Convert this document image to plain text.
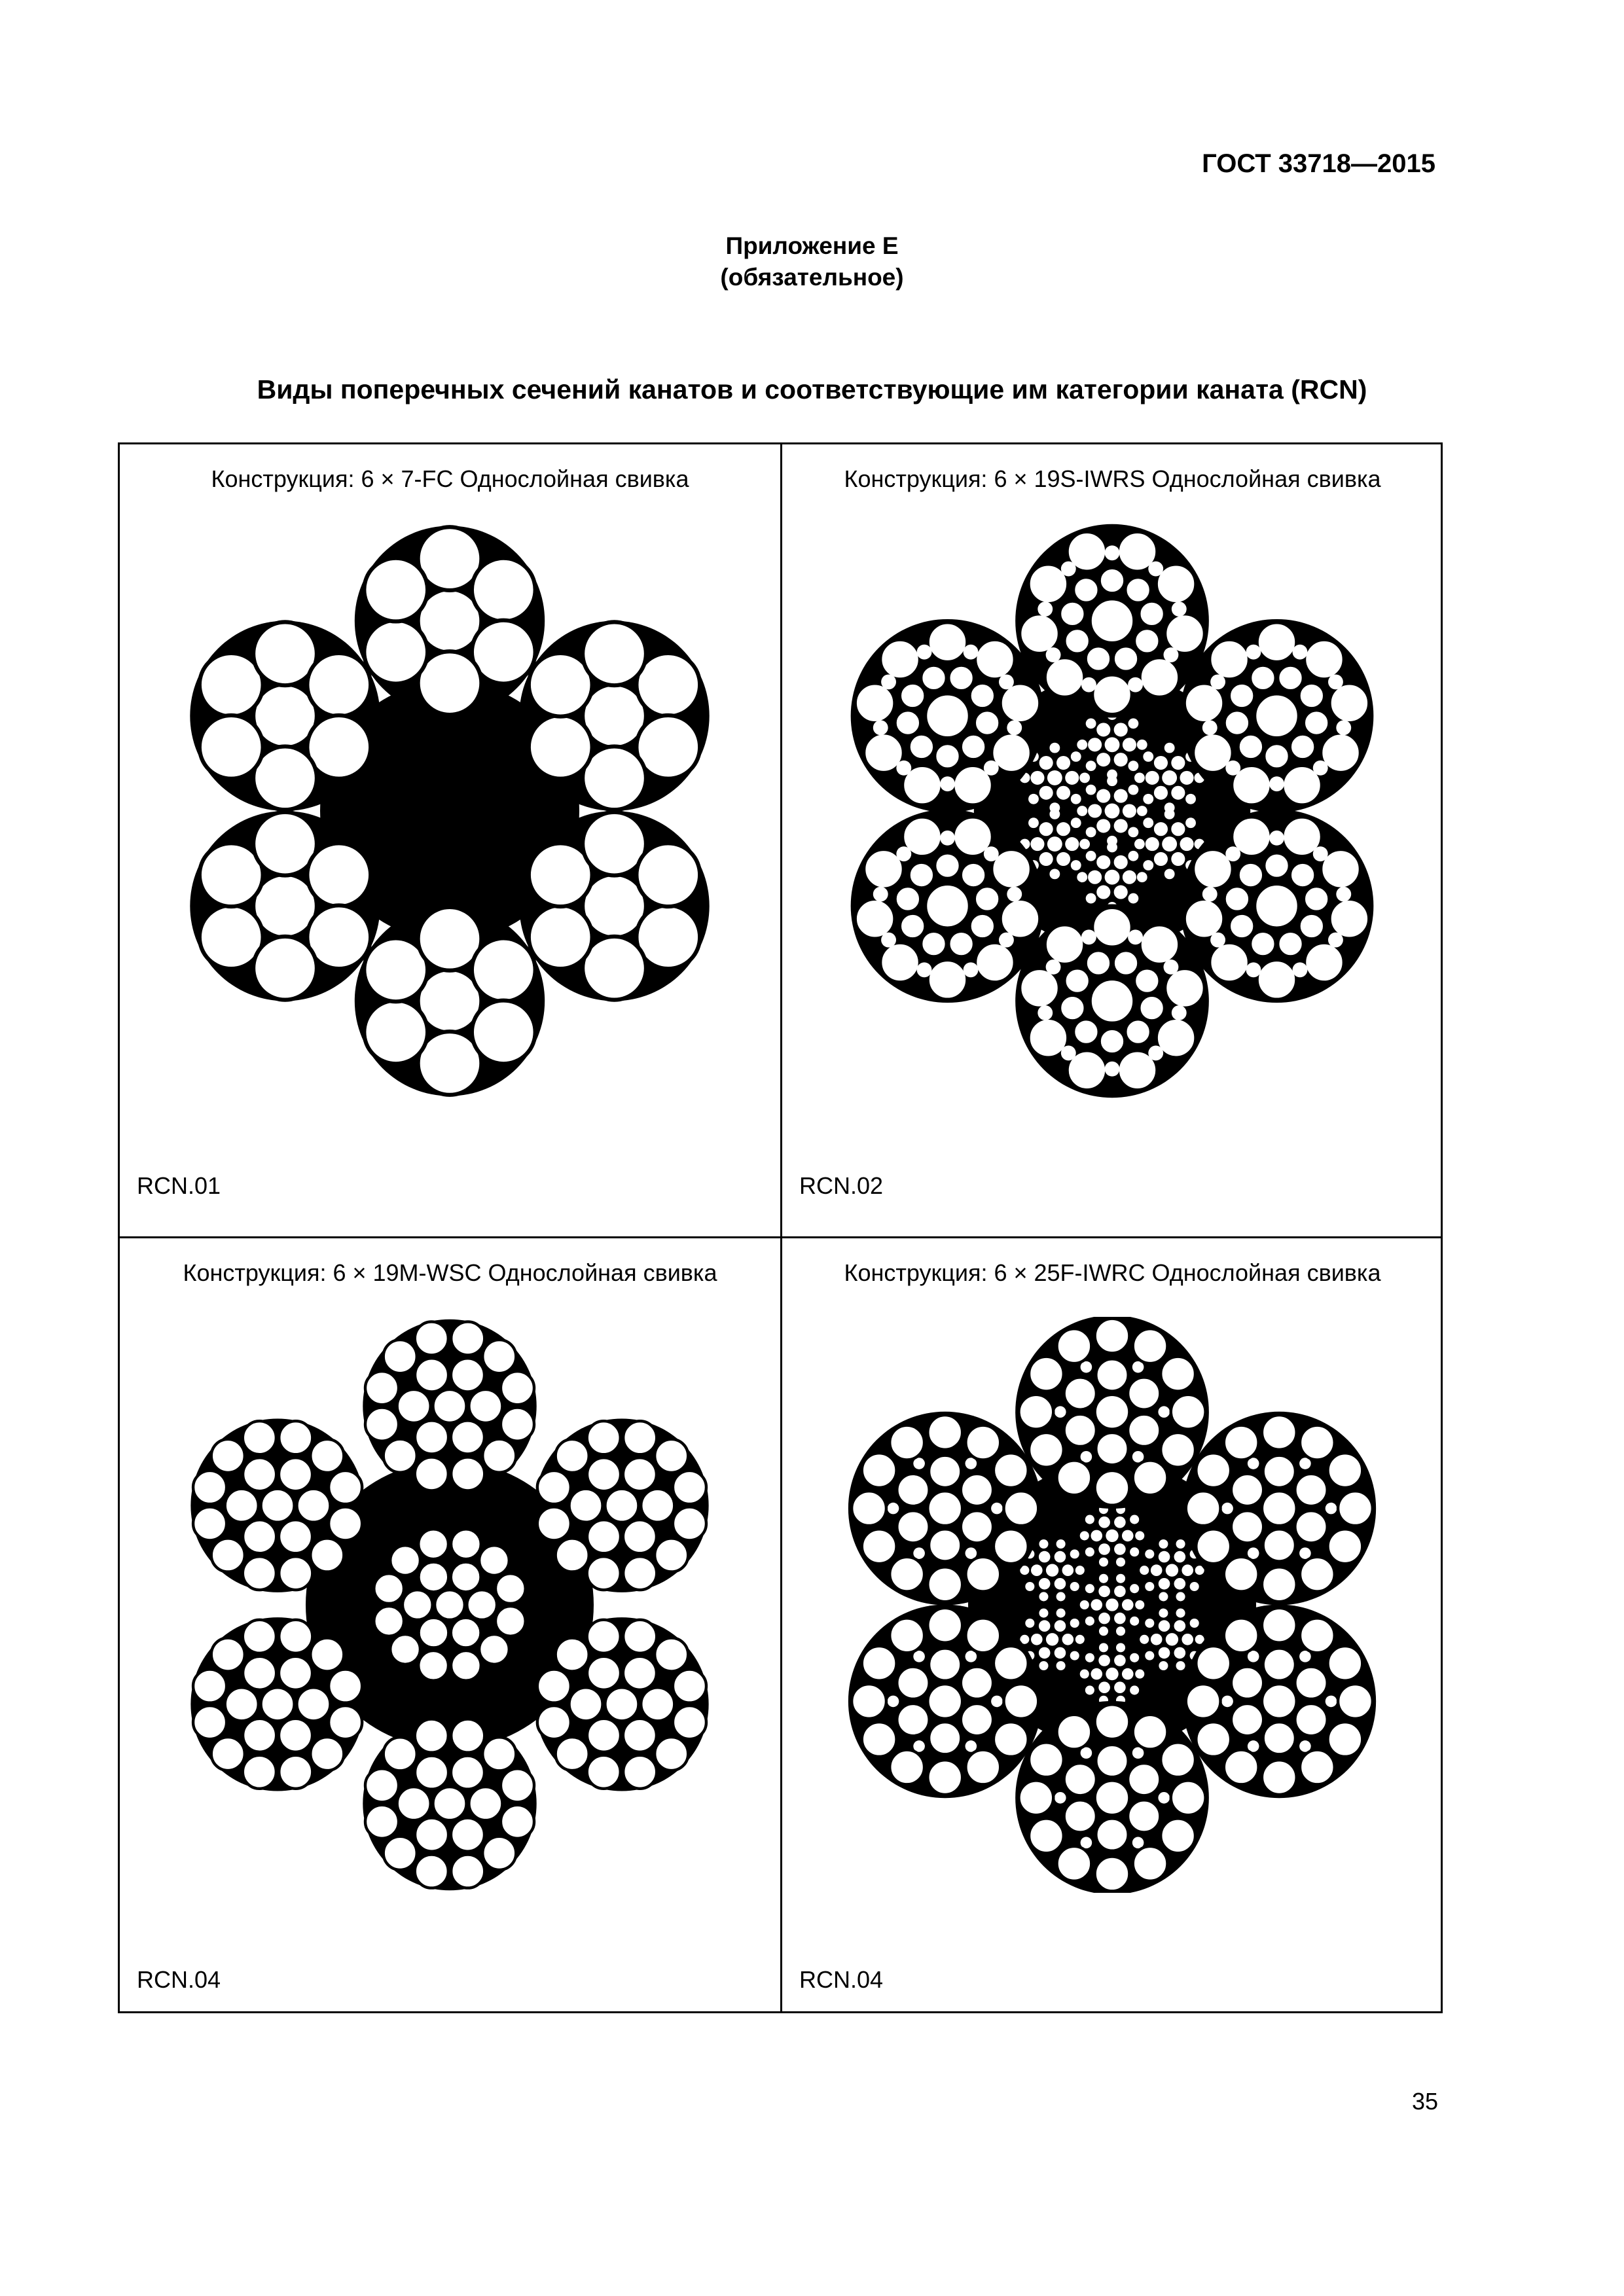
ГОСТ 33718—2015
Приложение Е
(обязательное)
Виды поперечных сечений канатов и соответствующие им категории каната (RCN)
Конструкция: 6 × 7-FC Однослойная свивка
RCN.01
Конструкция: 6 × 19S-IWRS Однослойная свивка
RCN.02
Конструкция: 6 × 19M-WSC Однослойная свивка
RCN.04
Конструкция: 6 × 25F-IWRC Однослойная свивка
RCN.04
35
